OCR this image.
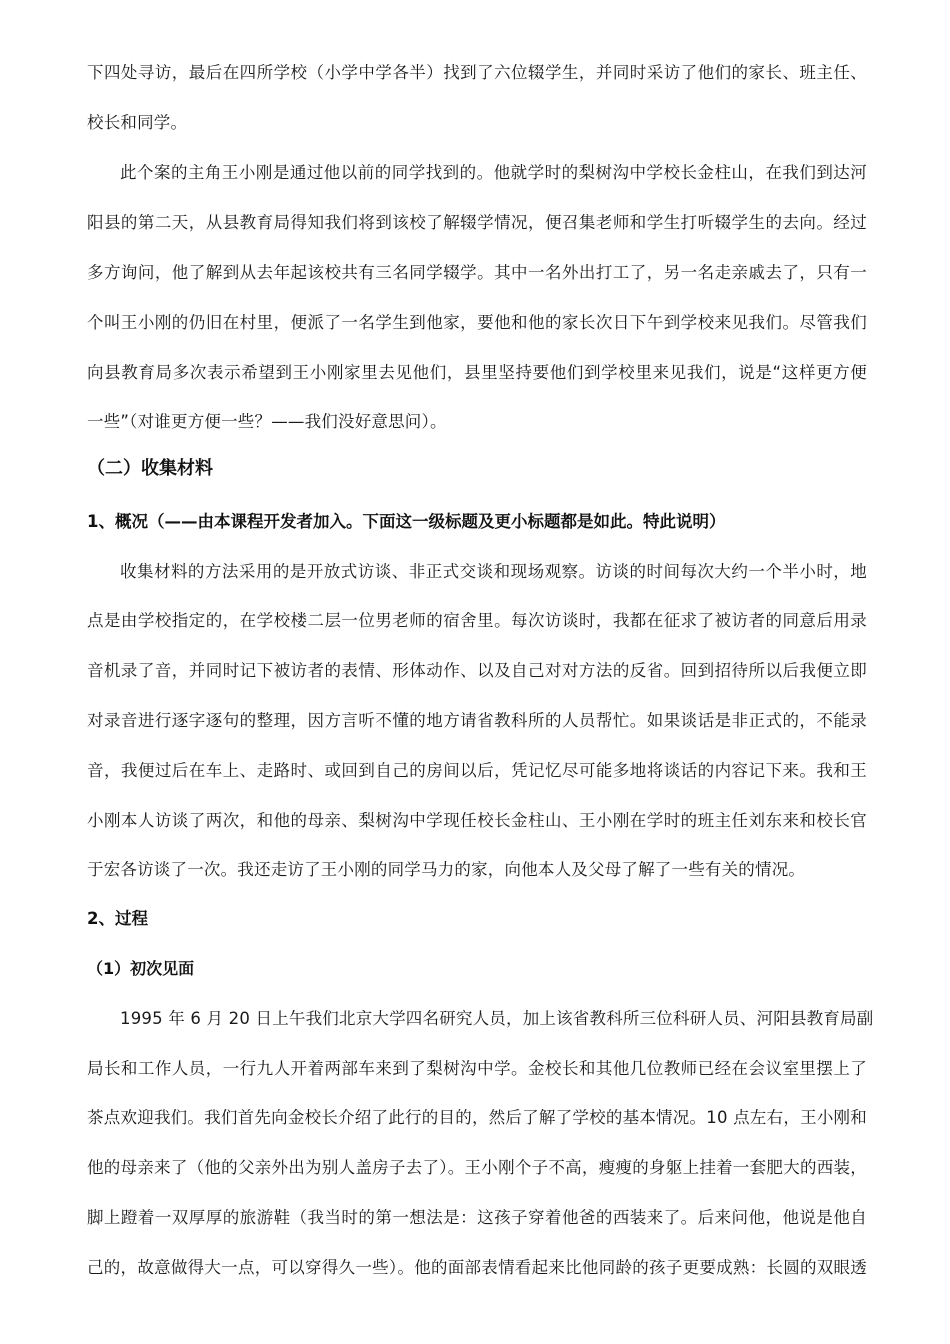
下四处寻访，最后在四所学校（小学中学各半）找到了六位辍学生，并同时采访了他们的家长、班主任、
校长和同学。
此个案的主角王小刚是通过他以前的同学找到的。他就学时的梨树沟中学校长金柱山，在我们到达河
阳县的第二天，从县教育局得知我们将到该校了解辍学情况，便召集老师和学生打听辍学生的去向。经过
多方询问，他了解到从去年起该校共有三名同学辍学。其中一名外出打工了，另一名走亲戚去了，只有一
个叫王小刚的仍旧在村里，便派了一名学生到他家，要他和他的家长次日下午到学校来见我们。尽管我们
向县教育局多次表示希望到王小刚家里去见他们，县里坚持要他们到学校里来见我们，说是“这样更方便
一些”（对谁更方便一些？——我们没好意思问）。
（二）收集材料
1、概况（——由本课程开发者加入。下面这一级标题及更小标题都是如此。特此说明）
收集材料的方法采用的是开放式访谈、非正式交谈和现场观察。访谈的时间每次大约一个半小时，地
点是由学校指定的，在学校楼二层一位男老师的宿舍里。每次访谈时，我都在征求了被访者的同意后用录
音机录了音，并同时记下被访者的表情、形体动作、以及自己对对方法的反省。回到招待所以后我便立即
对录音进行逐字逐句的整理，因方言听不懂的地方请省教科所的人员帮忙。如果谈话是非正式的，不能录
音，我便过后在车上、走路时、或回到自己的房间以后，凭记忆尽可能多地将谈话的内容记下来。我和王
小刚本人访谈了两次，和他的母亲、梨树沟中学现任校长金柱山、王小刚在学时的班主任刘东来和校长官
于宏各访谈了一次。我还走访了王小刚的同学马力的家，向他本人及父母了解了一些有关的情况。
2、过程
（1）初次见面
1995 年 6 月 20 日上午我们北京大学四名研究人员，加上该省教科所三位科研人员、河阳县教育局副
局长和工作人员，一行九人开着两部车来到了梨树沟中学。金校长和其他几位教师已经在会议室里摆上了
茶点欢迎我们。我们首先向金校长介绍了此行的目的，然后了解了学校的基本情况。10 点左右，王小刚和
他的母亲来了（他的父亲外出为别人盖房子去了）。王小刚个子不高，瘦瘦的身躯上挂着一套肥大的西装，
脚上蹬着一双厚厚的旅游鞋（我当时的第一想法是：这孩子穿着他爸的西装来了。后来问他，他说是他自
己的，故意做得大一点，可以穿得久一些）。他的面部表情看起来比他同龄的孩子更要成熟：长圆的双眼透
